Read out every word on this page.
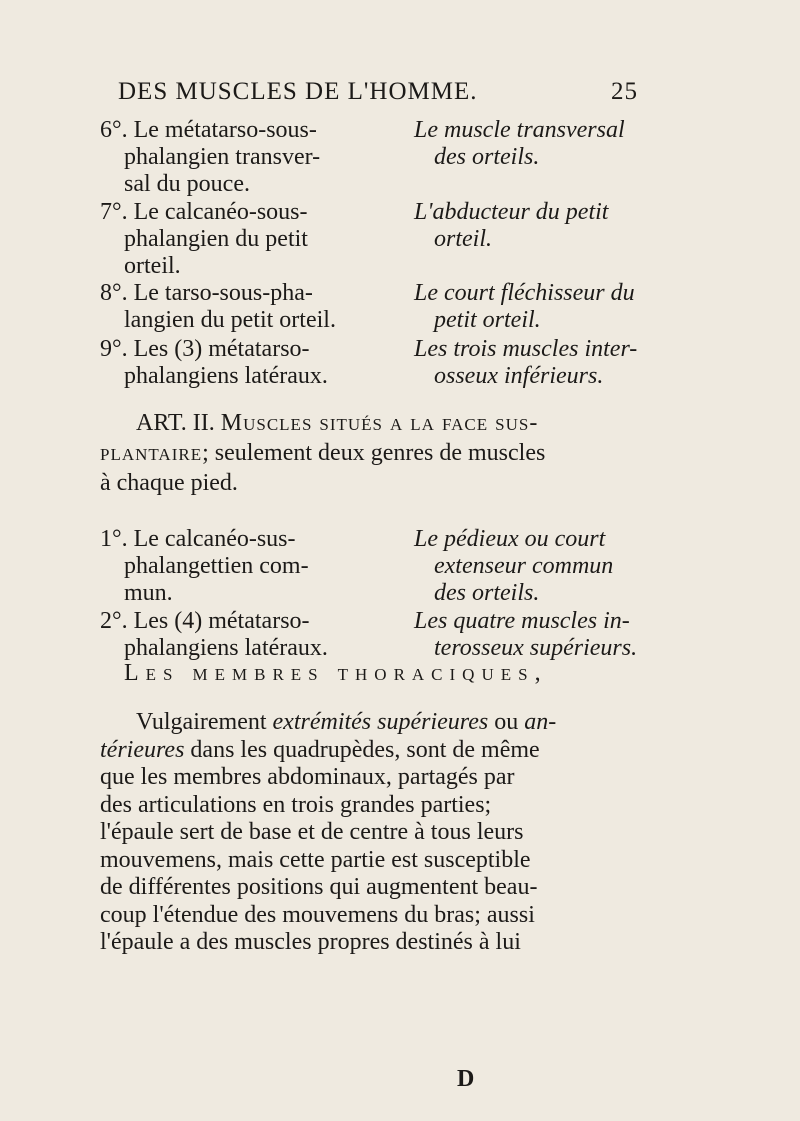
DES MUSCLES DE L'HOMME.	25
6°. Le métatarso-sous-
phalangien transver-
sal du pouce.
Le muscle transversal
des orteils.
7°. Le calcanéo-sous-
phalangien du petit
orteil.
L'abducteur du petit
orteil.
8°. Le tarso-sous-pha-
langien du petit orteil.
Le court fléchisseur du
petit orteil.
9°. Les (3) métatarso-
phalangiens latéraux.
Les trois muscles inter-
osseux inférieurs.
ART. II. Muscles situés a la face sus-
plantaire; seulement deux genres de muscles
à chaque pied.
1°. Le calcanéo-sus-
phalangettien com-
mun.
Le pédieux ou court
extenseur commun
des orteils.
2°. Les (4) métatarso-
phalangiens latéraux.
Les quatre muscles in-
terosseux supérieurs.
Les membres thoraciques,
Vulgairement extrémités supérieures ou an-
térieures dans les quadrupèdes, sont de même
que les membres abdominaux, partagés par
des articulations en trois grandes parties;
l'épaule sert de base et de centre à tous leurs
mouvemens, mais cette partie est susceptible
de différentes positions qui augmentent beau-
coup l'étendue des mouvemens du bras; aussi
l'épaule a des muscles propres destinés à lui
D
